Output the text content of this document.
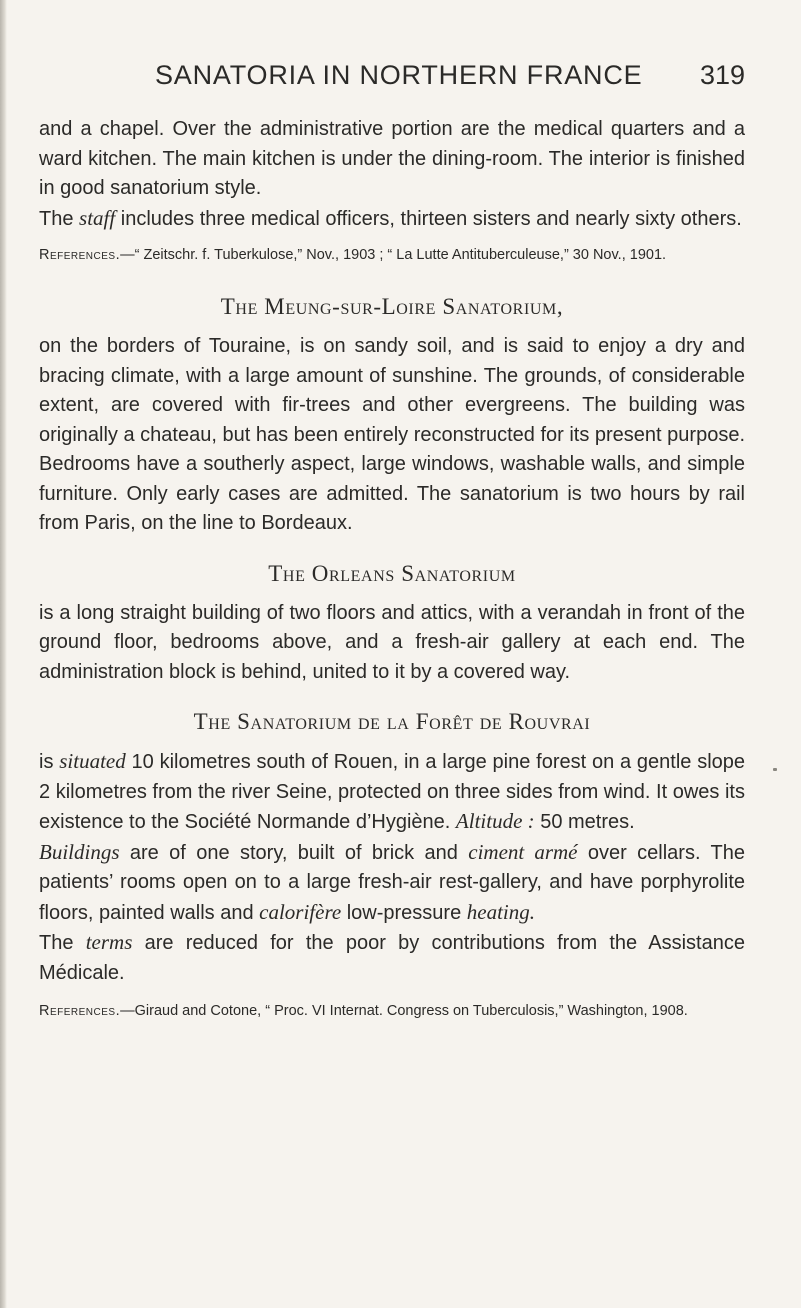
SANATORIA IN NORTHERN FRANCE 319

and a chapel. Over the administrative portion are the medical quarters and a ward kitchen. The main kitchen is under the dining-room. The interior is finished in good sanatorium style.

The staff includes three medical officers, thirteen sisters and nearly sixty others.

References.—“ Zeitschr. f. Tuberkulose,” Nov., 1903 ; “ La Lutte Antituberculeuse,” 30 Nov., 1901.

The Meung-sur-Loire Sanatorium,

on the borders of Touraine, is on sandy soil, and is said to enjoy a dry and bracing climate, with a large amount of sunshine. The grounds, of considerable extent, are covered with fir-trees and other evergreens. The building was originally a chateau, but has been entirely reconstructed for its present purpose. Bedrooms have a southerly aspect, large windows, washable walls, and simple furniture. Only early cases are admitted. The sanatorium is two hours by rail from Paris, on the line to Bordeaux.

The Orleans Sanatorium

is a long straight building of two floors and attics, with a verandah in front of the ground floor, bedrooms above, and a fresh-air gallery at each end. The administration block is behind, united to it by a covered way.

The Sanatorium de la Forêt de Rouvrai

is situated 10 kilometres south of Rouen, in a large pine forest on a gentle slope 2 kilometres from the river Seine, protected on three sides from wind. It owes its existence to the Société Normande d’Hygiène. Altitude : 50 metres.

Buildings are of one story, built of brick and ciment armé over cellars. The patients’ rooms open on to a large fresh-air rest-gallery, and have porphyrolite floors, painted walls and calorifère low-pressure heating.

The terms are reduced for the poor by contributions from the Assistance Médicale.

References.—Giraud and Cotone, “ Proc. VI Internat. Congress on Tuberculosis,” Washington, 1908.
